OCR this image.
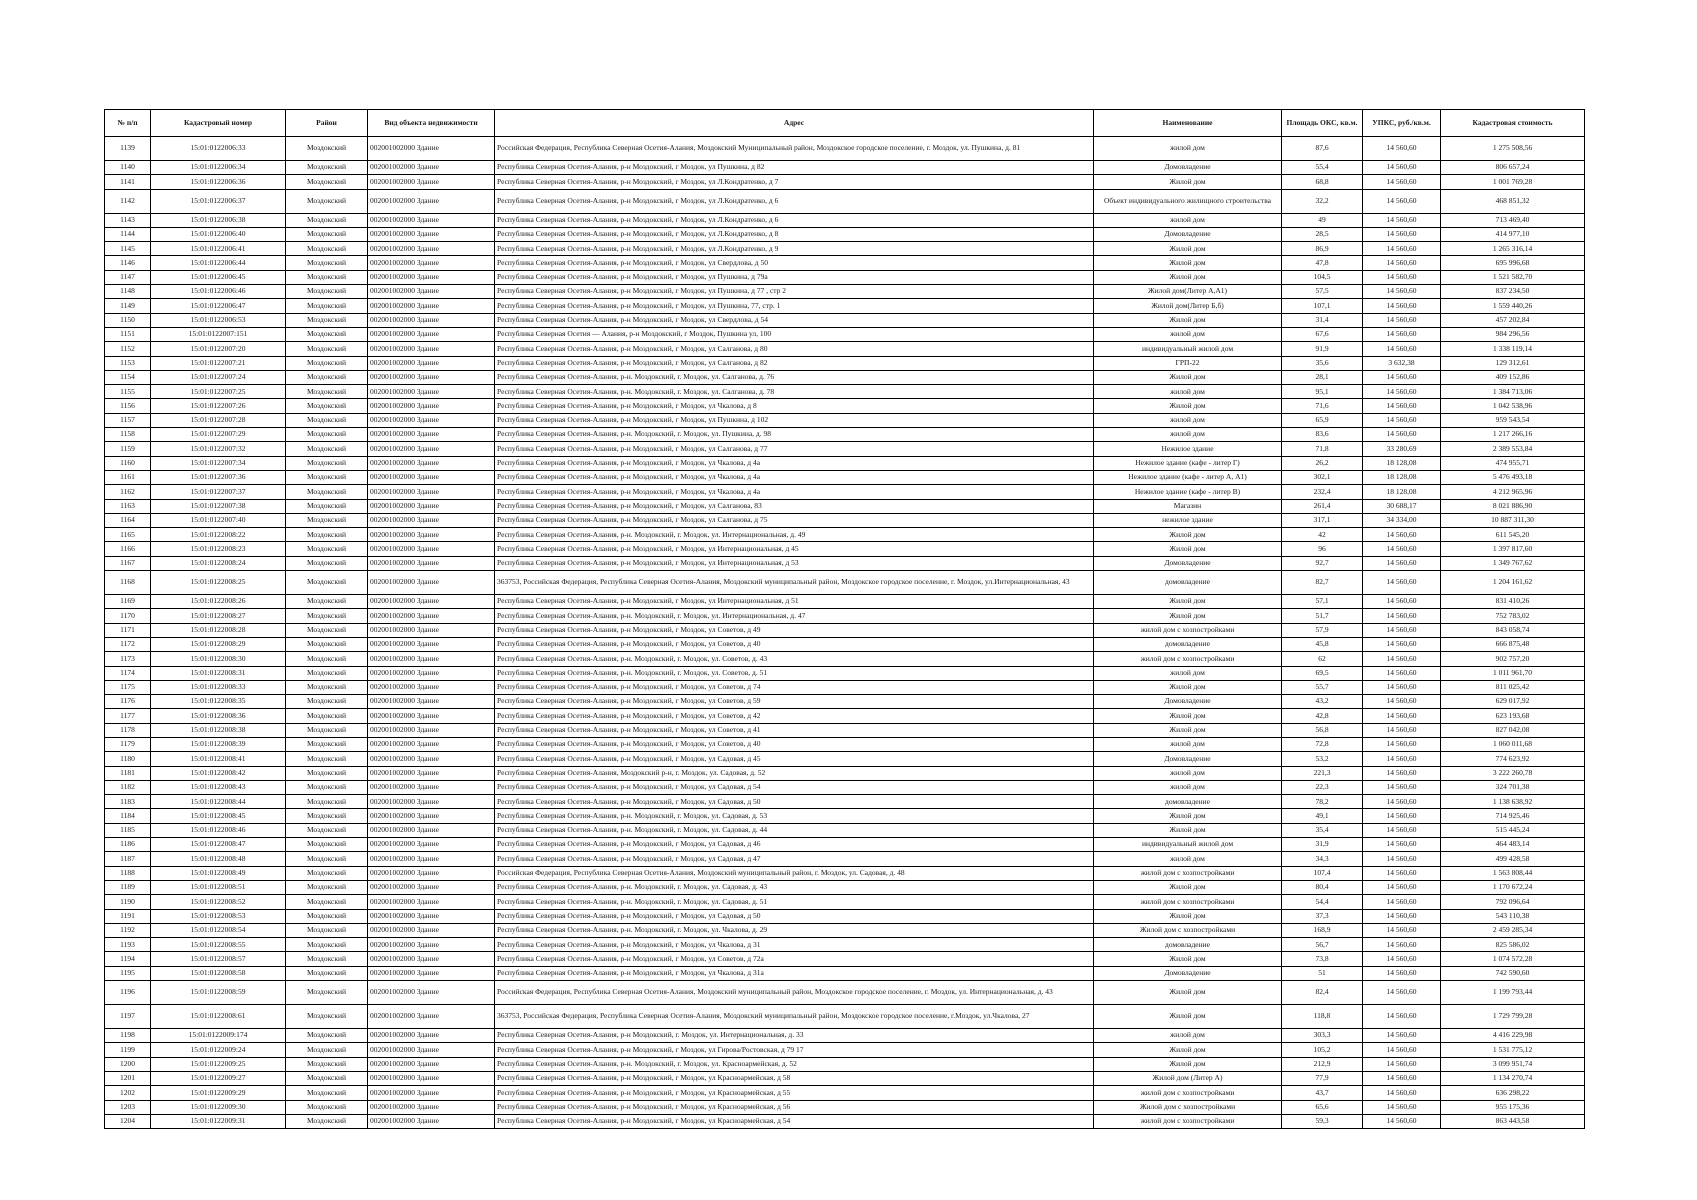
№ п/п	Кадастровый номер	Район	Вид объекта недвижимости	Адрес	Наименование	Площадь ОКС, кв.м.	УПКС, руб./кв.м.	Кадастровая стоимость
1139	15:01:0122006:33	Моздокский	002001002000 Здание	Российская Федерация, Республика Северная Осетия-Алания, Моздокский Муниципальный район, Моздокское городское поселение, г. Моздок, ул. Пушкина, д. 81	жилой дом	87,6	14 560,60	1 275 508,56
1140	15:01:0122006:34	Моздокский	002001002000 Здание	Республика Северная Осетия-Алания, р-н Моздокский, г Моздок, ул Пушкина, д 82	Домовладение	55,4	14 560,60	806 657,24
1141	15:01:0122006:36	Моздокский	002001002000 Здание	Республика Северная Осетия-Алания, р-н Моздокский, г Моздок, ул Л.Кондратенко, д 7	Жилой дом	68,8	14 560,60	1 001 769,28
1142	15:01:0122006:37	Моздокский	002001002000 Здание	Республика Северная Осетия-Алания, р-н Моздокский, г Моздок, ул Л.Кондратенко, д 6	Объект индивидуального жилищного строительства	32,2	14 560,60	468 851,32
1143	15:01:0122006:38	Моздокский	002001002000 Здание	Республика Северная Осетия-Алания, р-н Моздокский, г Моздок, ул Л.Кондратенко, д 6	жилой дом	49	14 560,60	713 469,40
1144	15:01:0122006:40	Моздокский	002001002000 Здание	Республика Северная Осетия-Алания, р-н Моздокский, г Моздок, ул Л.Кондратенко, д 8	Домовладение	28,5	14 560,60	414 977,10
1145	15:01:0122006:41	Моздокский	002001002000 Здание	Республика Северная Осетия-Алания, р-н Моздокский, г Моздок, ул Л.Кондратенко, д 9	Жилой дом	86,9	14 560,60	1 265 316,14
1146	15:01:0122006:44	Моздокский	002001002000 Здание	Республика Северная Осетия-Алания, р-н Моздокский, г Моздок, ул Свердлова, д 50	Жилой дом	47,8	14 560,60	695 996,68
1147	15:01:0122006:45	Моздокский	002001002000 Здание	Республика Северная Осетия-Алания, р-н Моздокский, г Моздок, ул Пушкина, д 79а	Жилой дом	104,5	14 560,60	1 521 582,70
1148	15:01:0122006:46	Моздокский	002001002000 Здание	Республика Северная Осетия-Алания, р-н Моздокский, г Моздок, ул Пушкина, д 77 , стр 2	Жилой дом(Литер А,А1)	57,5	14 560,60	837 234,50
1149	15:01:0122006:47	Моздокский	002001002000 Здание	Республика Северная Осетия-Алания, р-н Моздокский, г Моздок, ул Пушкина, 77, стр. 1	Жилой дом(Литер Б,б)	107,1	14 560,60	1 559 440,26
1150	15:01:0122006:53	Моздокский	002001002000 Здание	Республика Северная Осетия-Алания, р-н Моздокский, г Моздок, ул Свердлова, д 54	Жилой дом	31,4	14 560,60	457 202,84
1151	15:01:0122007:151	Моздокский	002001002000 Здание	Республика Северная Осетия — Алания, р-н Моздокский, г Моздок, Пушкина ул, 100	жилой дом	67,6	14 560,60	984 296,56
1152	15:01:0122007:20	Моздокский	002001002000 Здание	Республика Северная Осетия-Алания, р-н Моздокский, г Моздок, ул Салганова, д 80	индивидуальный жилой дом	91,9	14 560,60	1 338 119,14
1153	15:01:0122007:21	Моздокский	002001002000 Здание	Республика Северная Осетия-Алания, р-н Моздокский, г Моздок, ул Салганова, д 82	ГРП-22	35,6	3 632,38	129 312,61
1154	15:01:0122007:24	Моздокский	002001002000 Здание	Республика Северная Осетия-Алания, р-н. Моздокский, г. Моздок, ул. Салганова, д. 76	Жилой дом	28,1	14 560,60	409 152,86
1155	15:01:0122007:25	Моздокский	002001002000 Здание	Республика Северная Осетия-Алания, р-н. Моздокский, г. Моздок, ул. Салганова, д. 78	жилой дом	95,1	14 560,60	1 384 713,06
1156	15:01:0122007:26	Моздокский	002001002000 Здание	Республика Северная Осетия-Алания, р-н Моздокский, г Моздок, ул Чкалова, д 8	Жилой дом	71,6	14 560,60	1 042 538,96
1157	15:01:0122007:28	Моздокский	002001002000 Здание	Республика Северная Осетия-Алания, р-н Моздокский, г Моздок, ул Пушкина, д 102	жилой дом	65,9	14 560,60	959 543,54
1158	15:01:0122007:29	Моздокский	002001002000 Здание	Республика Северная Осетия-Алания, р-н. Моздокский, г. Моздок, ул. Пушкина, д. 98	жилой дом	83,6	14 560,60	1 217 266,16
1159	15:01:0122007:32	Моздокский	002001002000 Здание	Республика Северная Осетия-Алания, р-н Моздокский, г Моздок, ул Салганова, д 77	Нежилое здание	71,8	33 280,69	2 389 553,84
1160	15:01:0122007:34	Моздокский	002001002000 Здание	Республика Северная Осетия-Алания, р-н Моздокский, г Моздок, ул Чкалова, д 4а	Нежилое здание (кафе - литер Г)	26,2	18 128,08	474 955,71
1161	15:01:0122007:36	Моздокский	002001002000 Здание	Республика Северная Осетия-Алания, р-н Моздокский, г Моздок, ул Чкалова, д 4а	Нежилое здание (кафе - литер А, А1)	302,1	18 128,08	5 476 493,18
1162	15:01:0122007:37	Моздокский	002001002000 Здание	Республика Северная Осетия-Алания, р-н Моздокский, г Моздок, ул Чкалова, д 4а	Нежилое здание (кафе - литер В)	232,4	18 128,08	4 212 965,96
1163	15:01:0122007:38	Моздокский	002001002000 Здание	Республика Северная Осетия-Алания, р-н Моздокский, г Моздок, ул Салганова, 83	Магазин	261,4	30 688,17	8 021 886,90
1164	15:01:0122007:40	Моздокский	002001002000 Здание	Республика Северная Осетия-Алания, р-н Моздокский, г Моздок, ул Салганова, д 75	нежилое здание	317,1	34 334,00	10 887 311,30
1165	15:01:0122008:22	Моздокский	002001002000 Здание	Республика Северная Осетия-Алания, р-н. Моздокский, г. Моздок, ул. Интернациональная, д. 49	Жилой дом	42	14 560,60	611 545,20
1166	15:01:0122008:23	Моздокский	002001002000 Здание	Республика Северная Осетия-Алания, р-н Моздокский, г Моздок, ул Интернациональная, д 45	Жилой дом	96	14 560,60	1 397 817,60
1167	15:01:0122008:24	Моздокский	002001002000 Здание	Республика Северная Осетия-Алания, р-н Моздокский, г Моздок, ул Интернациональная, д 53	Домовладение	92,7	14 560,60	1 349 767,62
1168	15:01:0122008:25	Моздокский	002001002000 Здание	363753, Российская Федерация, Республика Северная Осетия-Алания, Моздокский муниципальный район, Моздокское городское поселение, г. Моздок, ул.Интернациональная, 43	домовладение	82,7	14 560,60	1 204 161,62
1169	15:01:0122008:26	Моздокский	002001002000 Здание	Республика Северная Осетия-Алания, р-н Моздокский, г Моздок, ул Интернациональная, д 51	Жилой дом	57,1	14 560,60	831 410,26
1170	15:01:0122008:27	Моздокский	002001002000 Здание	Республика Северная Осетия-Алания, р-н. Моздокский, г. Моздок, ул. Интернациональная, д. 47	Жилой дом	51,7	14 560,60	752 783,02
1171	15:01:0122008:28	Моздокский	002001002000 Здание	Республика Северная Осетия-Алания, р-н Моздокский, г Моздок, ул Советов, д 49	жилой дом с хозпостройками	57,9	14 560,60	843 058,74
1172	15:01:0122008:29	Моздокский	002001002000 Здание	Республика Северная Осетия-Алания, р-н Моздокский, г Моздок, ул Советов, д 40	домовладение	45,8	14 560,60	666 875,48
1173	15:01:0122008:30	Моздокский	002001002000 Здание	Республика Северная Осетия-Алания, р-н. Моздокский, г. Моздок, ул. Советов, д. 43	жилой дом с хозпостройками	62	14 560,60	902 757,20
1174	15:01:0122008:31	Моздокский	002001002000 Здание	Республика Северная Осетия-Алания, р-н. Моздокский, г. Моздок, ул. Советов, д. 51	жилой дом	69,5	14 560,60	1 011 961,70
1175	15:01:0122008:33	Моздокский	002001002000 Здание	Республика Северная Осетия-Алания, р-н Моздокский, г Моздок, ул Советов, д 74	Жилой дом	55,7	14 560,60	811 025,42
1176	15:01:0122008:35	Моздокский	002001002000 Здание	Республика Северная Осетия-Алания, р-н Моздокский, г Моздок, ул Советов, д 59	Домовладение	43,2	14 560,60	629 017,92
1177	15:01:0122008:36	Моздокский	002001002000 Здание	Республика Северная Осетия-Алания, р-н Моздокский, г Моздок, ул Советов, д 42	Жилой дом	42,8	14 560,60	623 193,68
1178	15:01:0122008:38	Моздокский	002001002000 Здание	Республика Северная Осетия-Алания, р-н Моздокский, г Моздок, ул Советов, д 41	Жилой дом	56,8	14 560,60	827 042,08
1179	15:01:0122008:39	Моздокский	002001002000 Здание	Республика Северная Осетия-Алания, р-н Моздокский, г Моздок, ул Советов, д 40	жилой дом	72,8	14 560,60	1 060 011,68
1180	15:01:0122008:41	Моздокский	002001002000 Здание	Республика Северная Осетия-Алания, р-н Моздокский, г Моздок, ул Садовая, д 45	Домовладение	53,2	14 560,60	774 623,92
1181	15:01:0122008:42	Моздокский	002001002000 Здание	Республика Северная Осетия-Алания, Моздокский р-н, г. Моздок, ул. Садовая, д. 52	жилой дом	221,3	14 560,60	3 222 260,78
1182	15:01:0122008:43	Моздокский	002001002000 Здание	Республика Северная Осетия-Алания, р-н Моздокский, г Моздок, ул Садовая, д 54	жилой дом	22,3	14 560,60	324 701,38
1183	15:01:0122008:44	Моздокский	002001002000 Здание	Республика Северная Осетия-Алания, р-н Моздокский, г Моздок, ул Садовая, д 50	домовладение	78,2	14 560,60	1 138 638,92
1184	15:01:0122008:45	Моздокский	002001002000 Здание	Республика Северная Осетия-Алания, р-н. Моздокский, г. Моздок, ул. Садовая, д. 53	Жилой дом	49,1	14 560,60	714 925,46
1185	15:01:0122008:46	Моздокский	002001002000 Здание	Республика Северная Осетия-Алания, р-н. Моздокский, г. Моздок, ул. Садовая, д. 44	Жилой дом	35,4	14 560,60	515 445,24
1186	15:01:0122008:47	Моздокский	002001002000 Здание	Республика Северная Осетия-Алания, р-н Моздокский, г Моздок, ул Садовая, д 46	индивидуальный жилой дом	31,9	14 560,60	464 483,14
1187	15:01:0122008:48	Моздокский	002001002000 Здание	Республика Северная Осетия-Алания, р-н Моздокский, г Моздок, ул Садовая, д 47	жилой дом	34,3	14 560,60	499 428,58
1188	15:01:0122008:49	Моздокский	002001002000 Здание	Российская Федерация, Республика Северная Осетия-Алания, Моздокский муниципальный район, г. Моздок, ул. Садовая, д. 48	жилой дом с хозпостройками	107,4	14 560,60	1 563 808,44
1189	15:01:0122008:51	Моздокский	002001002000 Здание	Республика Северная Осетия-Алания, р-н. Моздокский, г. Моздок, ул. Садовая, д. 43	Жилой дом	80,4	14 560,60	1 170 672,24
1190	15:01:0122008:52	Моздокский	002001002000 Здание	Республика Северная Осетия-Алания, р-н. Моздокский, г. Моздок, ул. Садовая, д. 51	жилой дом с хозпостройками	54,4	14 560,60	792 096,64
1191	15:01:0122008:53	Моздокский	002001002000 Здание	Республика Северная Осетия-Алания, р-н Моздокский, г Моздок, ул Садовая, д 50	Жилой дом	37,3	14 560,60	543 110,38
1192	15:01:0122008:54	Моздокский	002001002000 Здание	Республика Северная Осетия-Алания, р-н. Моздокский, г. Моздок, ул. Чкалова, д. 29	Жилой дом с хозпостройками	168,9	14 560,60	2 459 285,34
1193	15:01:0122008:55	Моздокский	002001002000 Здание	Республика Северная Осетия-Алания, р-н Моздокский, г Моздок, ул Чкалова, д 31	домовладение	56,7	14 560,60	825 586,02
1194	15:01:0122008:57	Моздокский	002001002000 Здание	Республика Северная Осетия-Алания, р-н Моздокский, г Моздок, ул Советов, д 72а	Жилой дом	73,8	14 560,60	1 074 572,28
1195	15:01:0122008:58	Моздокский	002001002000 Здание	Республика Северная Осетия-Алания, р-н Моздокский, г Моздок, ул Чкалова, д 31а	Домовладение	51	14 560,60	742 590,60
1196	15:01:0122008:59	Моздокский	002001002000 Здание	Российская Федерация, Республика Северная Осетия-Алания, Моздокский муниципальный район, Моздокское городское поселение, г. Моздок, ул. Интернациональная, д. 43	Жилой дом	82,4	14 560,60	1 199 793,44
1197	15:01:0122008:61	Моздокский	002001002000 Здание	363753, Российская Федерация, Республика Северная Осетия-Алания, Моздокский муниципальный район, Моздокское городское поселение, г.Моздок, ул.Чкалова, 27	Жилой дом	118,8	14 560,60	1 729 799,28
1198	15:01:0122009:174	Моздокский	002001002000 Здание	Республика Северная Осетия-Алания, р-н Моздокский, г. Моздок, ул. Интернациональная, д. 33	жилой дом	303,3	14 560,60	4 416 229,98
1199	15:01:0122009:24	Моздокский	002001002000 Здание	Республика Северная Осетия-Алания, р-н Моздокский, г Моздок, ул Гирова/Ростовская, д 79 17	Жилой дом	105,2	14 560,60	1 531 775,12
1200	15:01:0122009:25	Моздокский	002001002000 Здание	Республика Северная Осетия-Алания, р-н. Моздокский, г. Моздок, ул. Красноармейская, д. 52	Жилой дом	212,9	14 560,60	3 099 951,74
1201	15:01:0122009:27	Моздокский	002001002000 Здание	Республика Северная Осетия-Алания, р-н Моздокский, г Моздок, ул Красноармейская, д 58	Жилой дом (Литер А)	77,9	14 560,60	1 134 270,74
1202	15:01:0122009:29	Моздокский	002001002000 Здание	Республика Северная Осетия-Алания, р-н Моздокский, г Моздок, ул Красноармейская, д 55	жилой дом с хозпостройками	43,7	14 560,60	636 298,22
1203	15:01:0122009:30	Моздокский	002001002000 Здание	Республика Северная Осетия-Алания, р-н Моздокский, г Моздок, ул Красноармейская, д 56	Жилой дом с хозпостройками	65,6	14 560,60	955 175,36
1204	15:01:0122009:31	Моздокский	002001002000 Здание	Республика Северная Осетия-Алания, р-н Моздокский, г Моздок, ул Красноармейская, д 54	жилой дом с хозпостройками	59,3	14 560,60	863 443,58
